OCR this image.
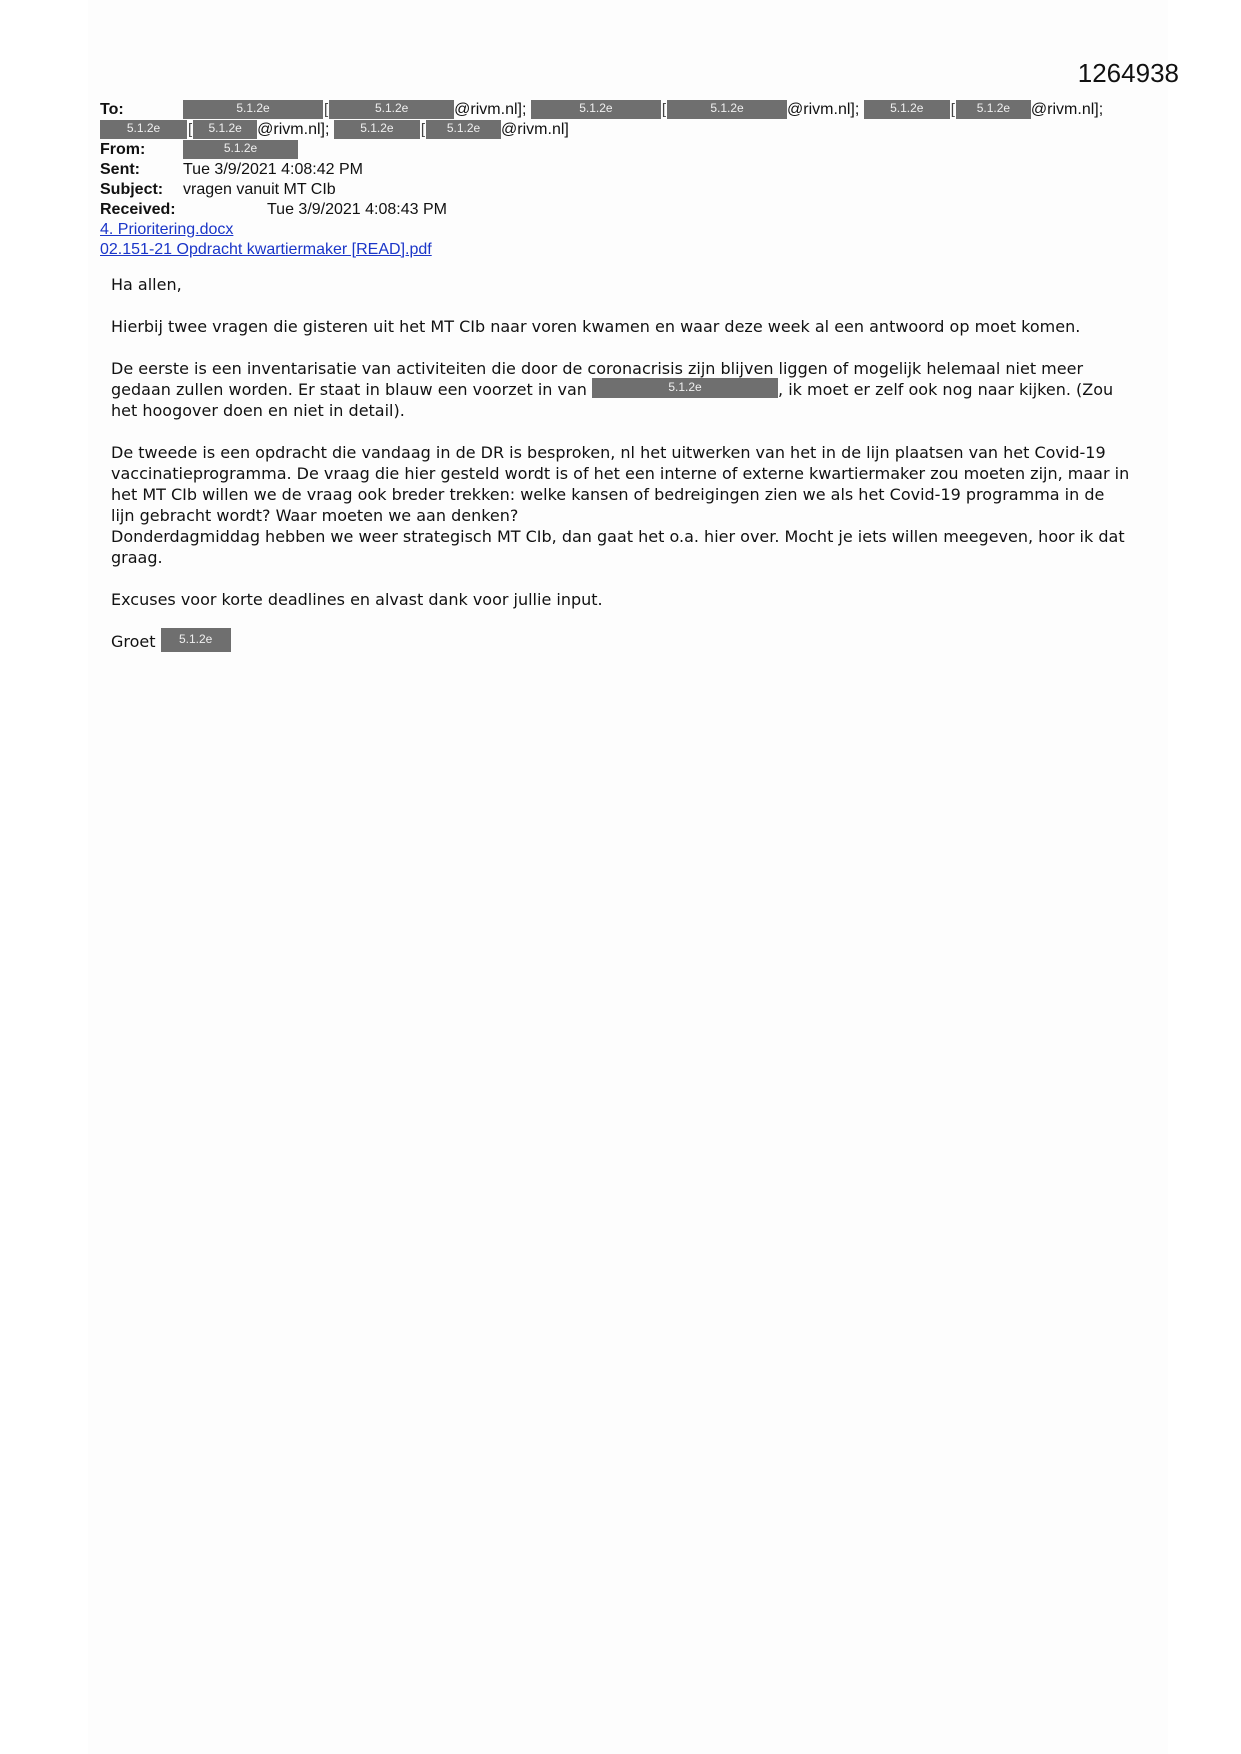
1264938
To:	5.1.2e	[	5.1.2e	@rivm.nl];	5.1.2e	[	5.1.2e	@rivm.nl];	5.1.2e [ 5.1.2e @rivm.nl];
5.1.2e [ 5.1.2e @rivm.nl];	5.1.2e [ 5.1.2e @rivm.nl]
From:	5.1.2e
Sent:	Tue 3/9/2021 4:08:42 PM
Subject: vragen vanuit MT CIb
Received:	Tue 3/9/2021 4:08:43 PM
4. Prioritering.docx
02.151-21 Opdracht kwartiermaker [READ].pdf

Ha allen,

Hierbij twee vragen die gisteren uit het MT CIb naar voren kwamen en waar deze week al een antwoord op moet komen.

De eerste is een inventarisatie van activiteiten die door de coronacrisis zijn blijven liggen of mogelijk helemaal niet meer gedaan zullen worden. Er staat in blauw een voorzet in van	5.1.2e	, ik moet er zelf ook nog naar kijken. (Zou het hoogover doen en niet in detail).

De tweede is een opdracht die vandaag in de DR is besproken, nl het uitwerken van het in de lijn plaatsen van het Covid-19 vaccinatieprogramma. De vraag die hier gesteld wordt is of het een interne of externe kwartiermaker zou moeten zijn, maar in het MT CIb willen we de vraag ook breder trekken: welke kansen of bedreigingen zien we als het Covid-19 programma in de lijn gebracht wordt? Waar moeten we aan denken?

Donderdagmiddag hebben we weer strategisch MT CIb, dan gaat het o.a. hier over. Mocht je iets willen meegeven, hoor ik dat graag.

Excuses voor korte deadlines en alvast dank voor jullie input.

Groet 5.1.2e
